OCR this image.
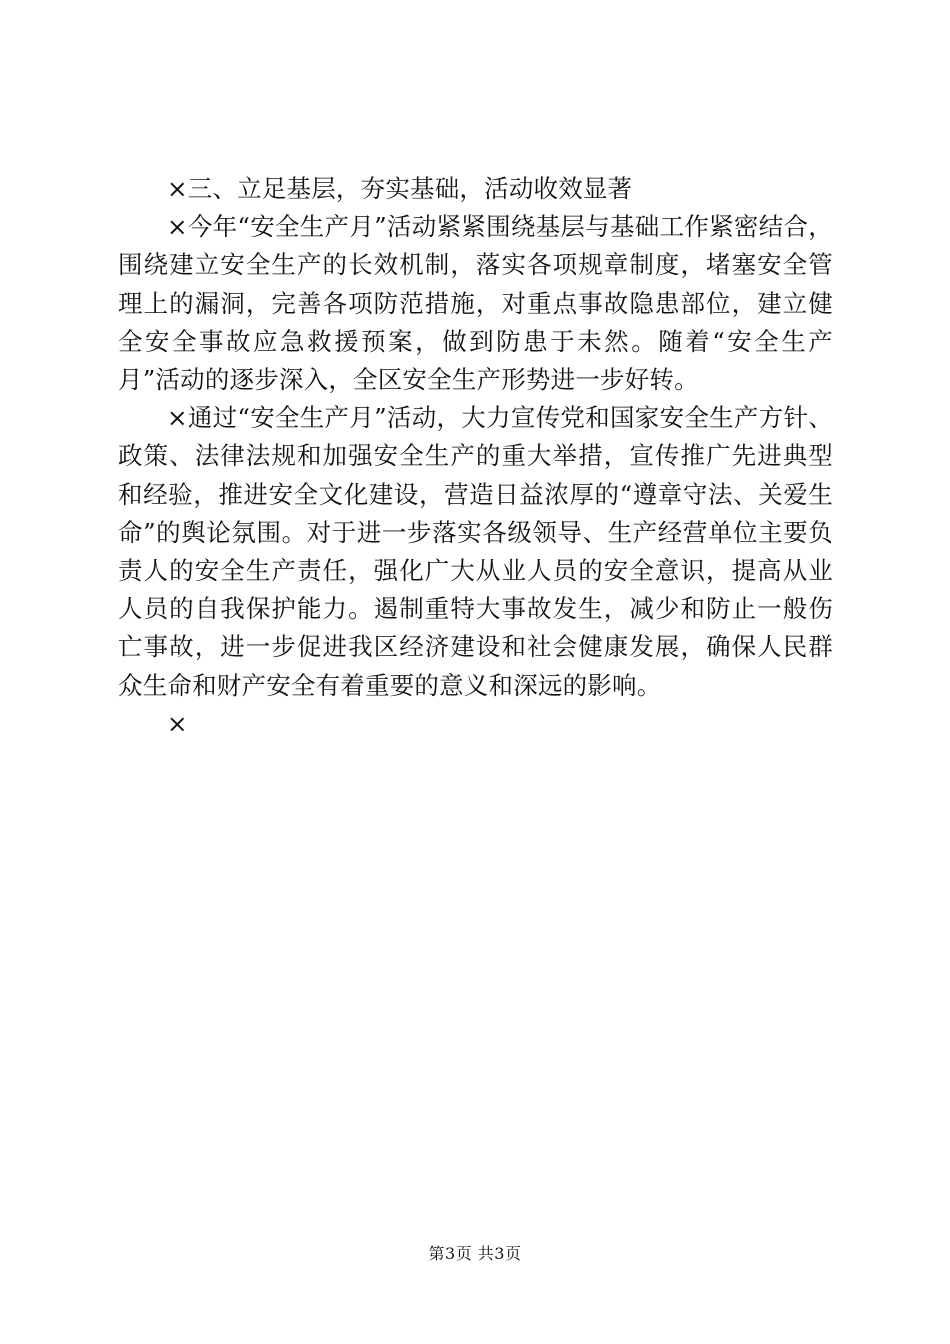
×三、立足基层，夯实基础，活动收效显著

×今年“安全生产月”活动紧紧围绕基层与基础工作紧密结合，围绕建立安全生产的长效机制，落实各项规章制度，堵塞安全管理上的漏洞，完善各项防范措施，对重点事故隐患部位，建立健全安全事故应急救援预案，做到防患于未然。随着“安全生产月”活动的逐步深入，全区安全生产形势进一步好转。

×通过“安全生产月”活动，大力宣传党和国家安全生产方针、政策、法律法规和加强安全生产的重大举措，宣传推广先进典型和经验，推进安全文化建设，营造日益浓厚的“遵章守法、关爱生命”的舆论氛围。对于进一步落实各级领导、生产经营单位主要负责人的安全生产责任，强化广大从业人员的安全意识，提高从业人员的自我保护能力。遏制重特大事故发生，减少和防止一般伤亡事故，进一步促进我区经济建设和社会健康发展，确保人民群众生命和财产安全有着重要的意义和深远的影响。

×

第3页 共3页
